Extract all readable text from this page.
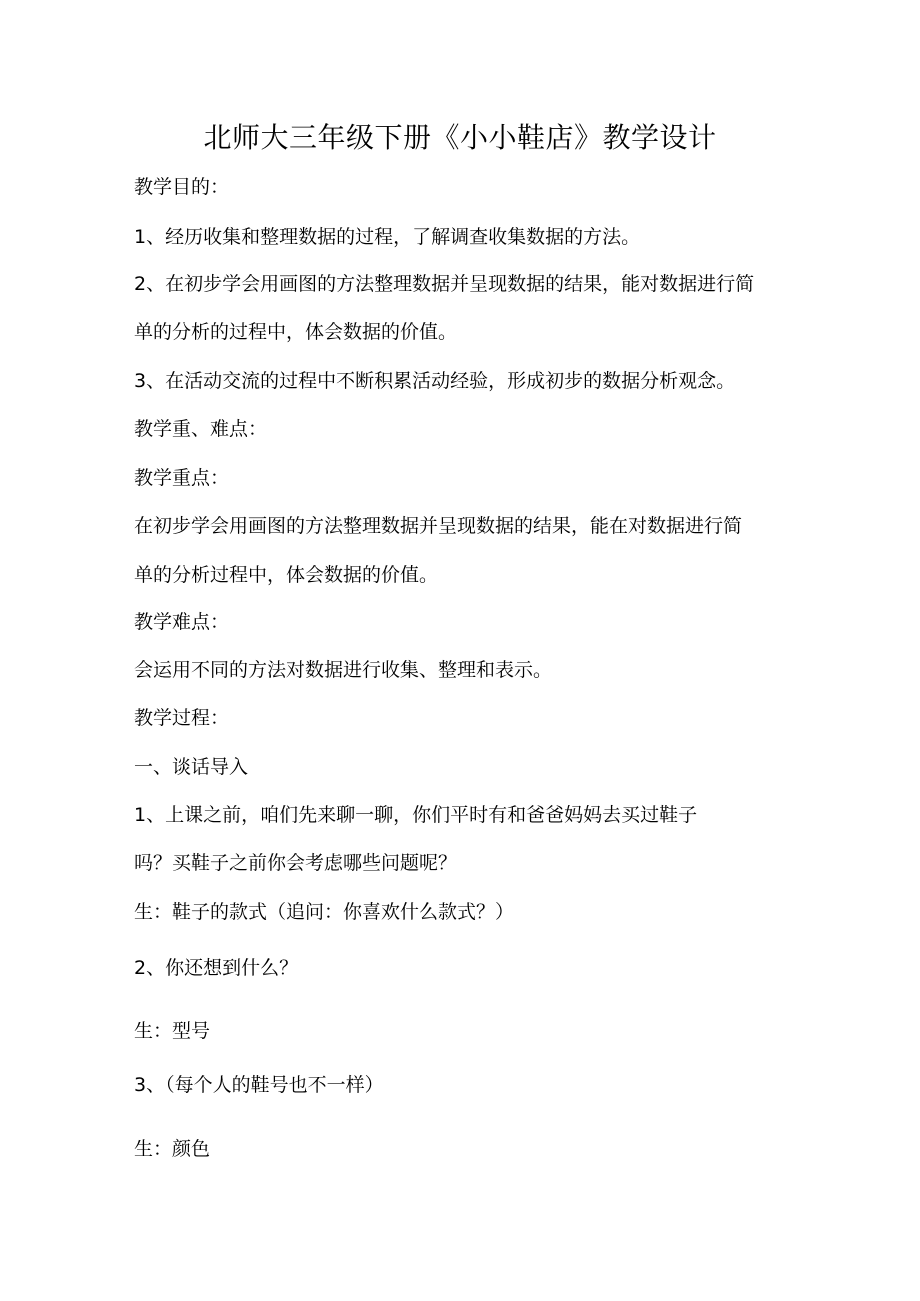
北师大三年级下册《小小鞋店》教学设计
教学目的：
1、经历收集和整理数据的过程，了解调查收集数据的方法。
2、在初步学会用画图的方法整理数据并呈现数据的结果，能对数据进行简
单的分析的过程中，体会数据的价值。
3、在活动交流的过程中不断积累活动经验，形成初步的数据分析观念。
教学重、难点：
教学重点：
在初步学会用画图的方法整理数据并呈现数据的结果，能在对数据进行简
单的分析过程中，体会数据的价值。
教学难点：
会运用不同的方法对数据进行收集、整理和表示。
教学过程：
一、谈话导入
1、上课之前，咱们先来聊一聊，你们平时有和爸爸妈妈去买过鞋子
吗？买鞋子之前你会考虑哪些问题呢？
生：鞋子的款式（追问：你喜欢什么款式？）
2、你还想到什么？
生：型号
3、（每个人的鞋号也不一样）
生：颜色
